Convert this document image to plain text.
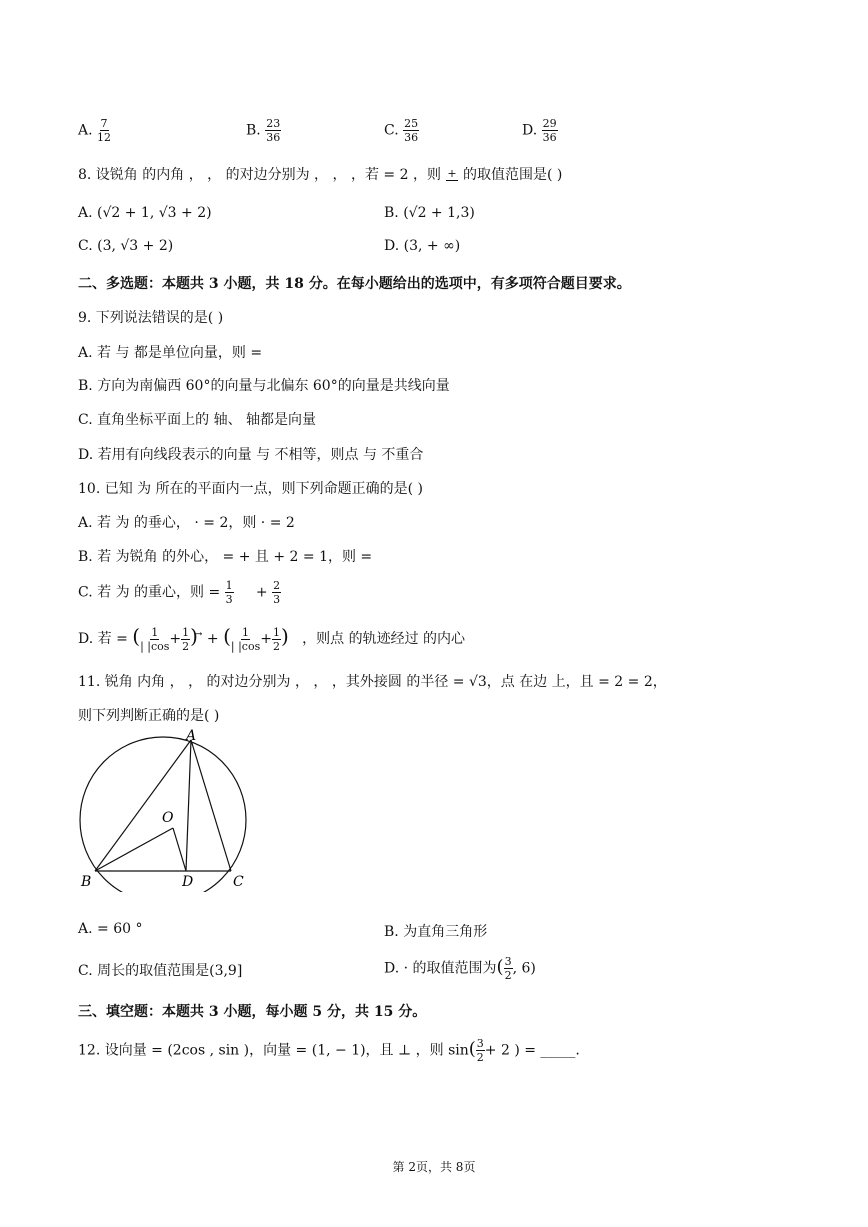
A. $\frac{7}{12}$	B. $\frac{23}{36}$	C. $\frac{25}{36}$	D. $\frac{29}{36}$
8. 设锐角 的内角 ， ， 的对边分别为 ， ， ，若 = 2 ，则 + 的取值范围是( )
A. (√2 + 1, √3 + 2)	B. (√2 + 1,3)
C. (3, √3 + 2)	D. (3, + ∞)
二、多选题：本题共 3 小题，共 18 分。在每小题给出的选项中，有多项符合题目要求。
9. 下列说法错误的是( )
A. 若 与 都是单位向量，则 =
B. 方向为南偏西 60°的向量与北偏东 60°的向量是共线向量
C. 直角坐标平面上的 轴、 轴都是向量
D. 若用有向线段表示的向量 与 不相等，则点 与 不重合
10. 已知 为 所在的平面内一点，则下列命题正确的是( )
A. 若 为 的垂心， · = 2，则 · = 2
B. 若 为锐角 的外心， = + 且 + 2 = 1，则 =
C. 若 为 的重心，则 = $\frac{1}{3} + \frac{2}{3}$
D. 若 = ( $\frac{1}{| |\cos} + \frac{1}{2}$ ) ⃗ + ( $\frac{1}{| |\cos} + \frac{1}{2}$ ) ，则点 的轨迹经过 的内心
11. 锐角 内角 ， ， 的对边分别为 ， ， ，其外接圆 的半径 = √3，点 在边 上，且 = 2 = 2，
则下列判断正确的是( )
A
O
B	D	C
A. = 60 °	B. 为直角三角形
C. 周长的取值范围是(3,9]	D. · 的取值范围为( $\frac{3}{2}$ , 6)
三、填空题：本题共 3 小题，每小题 5 分，共 15 分。
12. 设向量 = (2cos , sin )，向量 = (1, − 1)，且 ⊥ ，则 $\sin( \frac{3}{2} + 2$ ) = _____.
第 2页，共 8页
